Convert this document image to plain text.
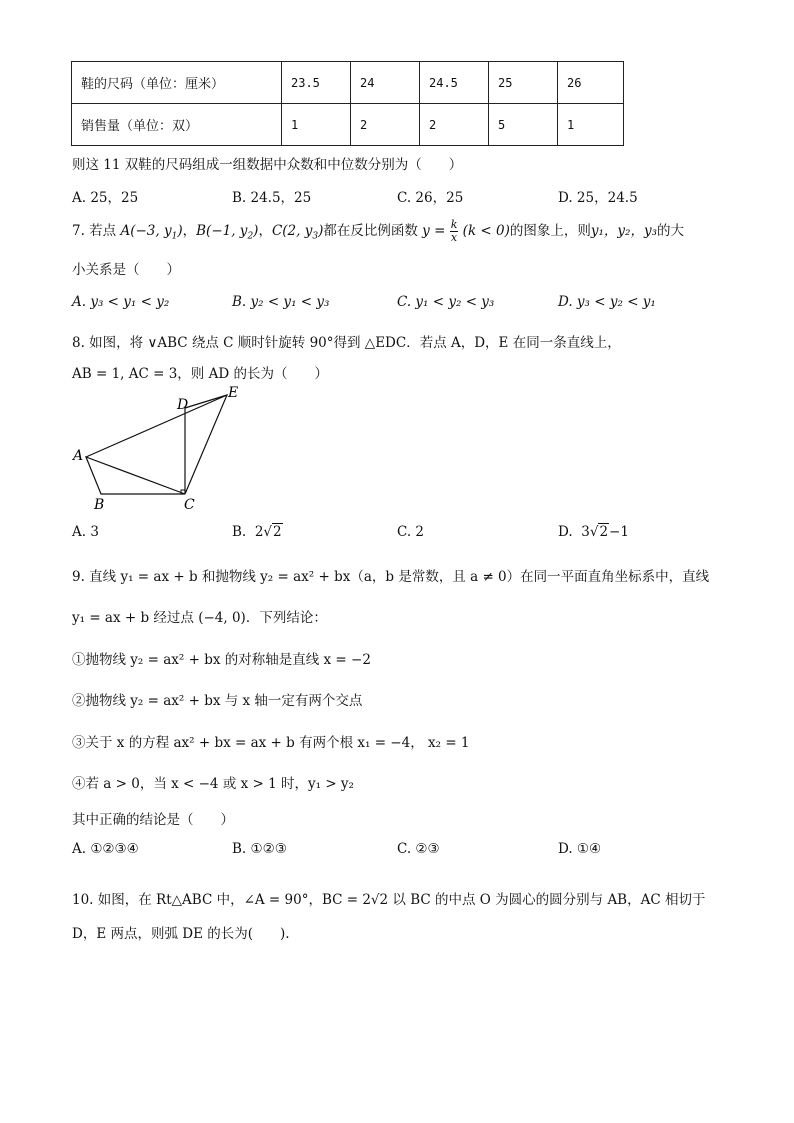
鞋的尺码（单位：厘米）	23.5	24	24.5	25	26
销售量（单位：双）	1	2	2	5	1
则这 11 双鞋的尺码组成一组数据中众数和中位数分别为（　　）
A. 25，25	B. 24.5，25	C. 26，25	D. 25，24.5
7. 若点 A(−3, $y_1$)，B(−1, $y_2$)，C(2, $y_3$)都在反比例函数 $y = \frac{k}{x} (k < 0)$的图象上，则y₁，y₂，y₃的大
小关系是（　　）
A. y₃ < y₁ < y₂	B. y₂ < y₁ < y₃	C. y₁ < y₂ < y₃	D. y₃ < y₂ < y₁
8. 如图，将 ∨ABC 绕点 C 顺时针旋转 90°得到 △EDC．若点 A，D，E 在同一条直线上，
AB = 1, AC = 3，则 AD 的长为（　　）
A
B	C
D
E
A. 3	B. 2√2	C. 2	D. 3√2−1
9. 直线 y₁ = ax + b 和抛物线 y₂ = ax² + bx（a，b 是常数，且 a ≠ 0）在同一平面直角坐标系中，直线
y₁ = ax + b 经过点 (−4, 0)．下列结论：
①抛物线 y₂ = ax² + bx 的对称轴是直线 x = −2
②抛物线 y₂ = ax² + bx 与 x 轴一定有两个交点
③关于 x 的方程 ax² + bx = ax + b 有两个根 x₁ = −4， x₂ = 1
④若 a > 0，当 x < −4 或 x > 1 时，y₁ > y₂
其中正确的结论是（　　）
A. ①②③④	B. ①②③	C. ②③	D. ①④
10. 如图，在 Rt△ABC 中，∠A = 90°，BC = 2√2 以 BC 的中点 O 为圆心的圆分别与 AB，AC 相切于
D，E 两点，则弧 DE 的长为(　　).
